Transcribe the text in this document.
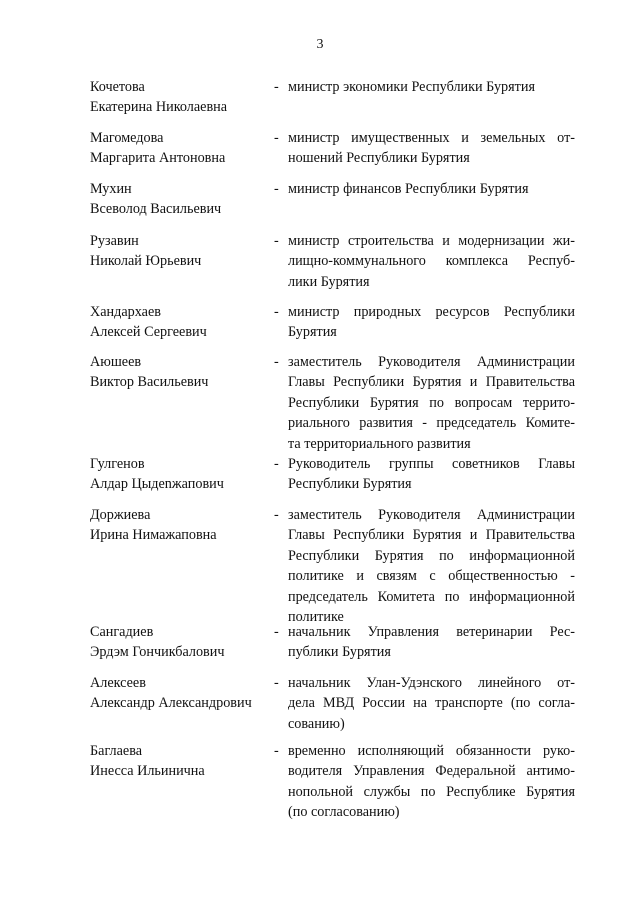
3
Кочетова
Екатерина Николаевна
- министр экономики Республики Бурятия
Магомедова
Маргарита Антоновна
- министр имущественных и земельных от-
ношений Республики Бурятия
Мухин
Всеволод Васильевич
- министр финансов Республики Бурятия
Рузавин
Николай Юрьевич
- министр строительства и модернизации жи-
лищно-коммунального комплекса Респуб-
лики Бурятия
Хандархаев
Алексей Сергеевич
- министр природных ресурсов Республики
Бурятия
Аюшеев
Виктор Васильевич
- заместитель Руководителя Администрации
Главы Республики Бурятия и Правительства
Республики Бурятия по вопросам террито-
риального развития - председатель Комите-
та территориального развития
Гулгенов
Алдар Цыдenжапович
- Руководитель группы советников Главы
Республики Бурятия
Доржиева
Ирина Нимажаповна
- заместитель Руководителя Администрации
Главы Республики Бурятия и Правительства
Республики Бурятия по информационной
политике и связям с общественностью -
председатель Комитета по информационной
политике
Сангадиев
Эрдэм Гончикбалович
- начальник Управления ветеринарии Рес-
публики Бурятия
Алексеев
Александр Александрович
- начальник Улан-Удэнского линейного от-
дела МВД России на транспорте (по согла-
сованию)
Баглаева
Инесса Ильинична
- временно исполняющий обязанности руко-
водителя Управления Федеральной антимо-
нопольной службы по Республике Бурятия
(по согласованию)
